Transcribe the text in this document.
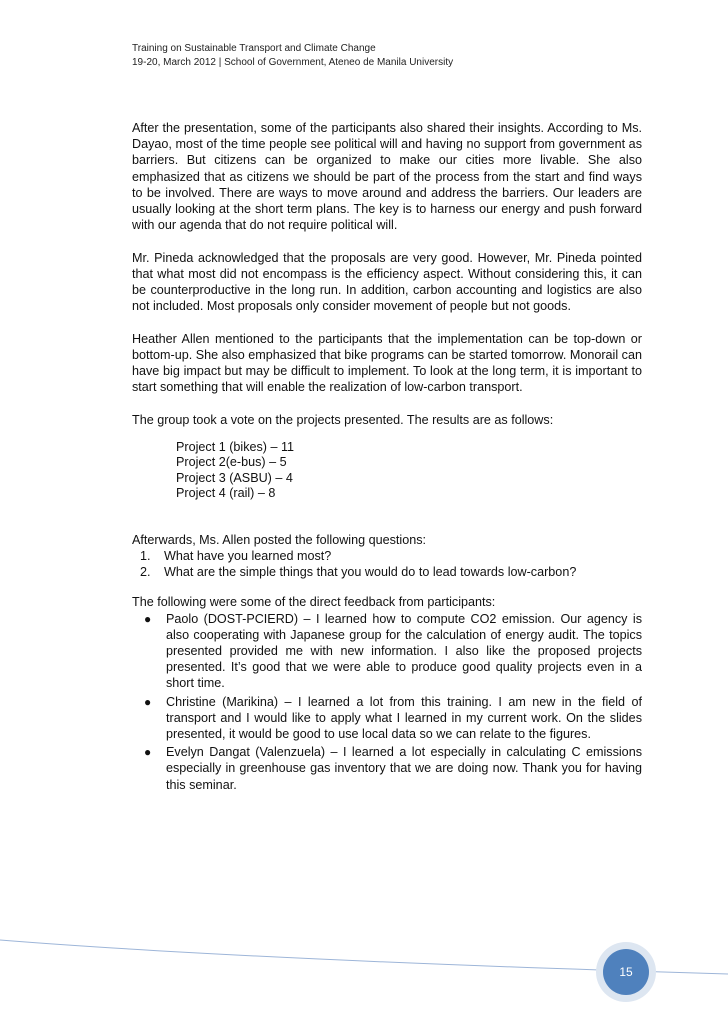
Training on Sustainable Transport and Climate Change
19-20, March 2012 | School of Government, Ateneo de Manila University

After the presentation, some of the participants also shared their insights. According to Ms. Dayao, most of the time people see political will and having no support from government as barriers. But citizens can be organized to make our cities more livable. She also emphasized that as citizens we should be part of the process from the start and find ways to be involved. There are ways to move around and address the barriers. Our leaders are usually looking at the short term plans. The key is to harness our energy and push forward with our agenda that do not require political will.

Mr. Pineda acknowledged that the proposals are very good. However, Mr. Pineda pointed that what most did not encompass is the efficiency aspect. Without considering this, it can be counterproductive in the long run. In addition, carbon accounting and logistics are also not included. Most proposals only consider movement of people but not goods.

Heather Allen mentioned to the participants that the implementation can be top-down or bottom-up. She also emphasized that bike programs can be started tomorrow. Monorail can have big impact but may be difficult to implement. To look at the long term, it is important to start something that will enable the realization of low-carbon transport.

The group took a vote on the projects presented. The results are as follows:

Project 1 (bikes) – 11
Project 2(e-bus) – 5
Project 3 (ASBU) – 4
Project 4 (rail) – 8

Afterwards, Ms. Allen posted the following questions:

1.	What have you learned most?
2.	What are the simple things that you would do to lead towards low-carbon?

The following were some of the direct feedback from participants:

●	Paolo (DOST-PCIERD) – I learned how to compute CO2 emission. Our agency is also cooperating with Japanese group for the calculation of energy audit. The topics presented provided me with new information. I also like the proposed projects presented. It’s good that we were able to produce good quality projects even in a short time.
●	Christine (Marikina) – I learned a lot from this training. I am new in the field of transport and I would like to apply what I learned in my current work. On the slides presented, it would be good to use local data so we can relate to the figures.
●	Evelyn Dangat (Valenzuela) – I learned a lot especially in calculating C emissions especially in greenhouse gas inventory that we are doing now. Thank you for having this seminar.
15
